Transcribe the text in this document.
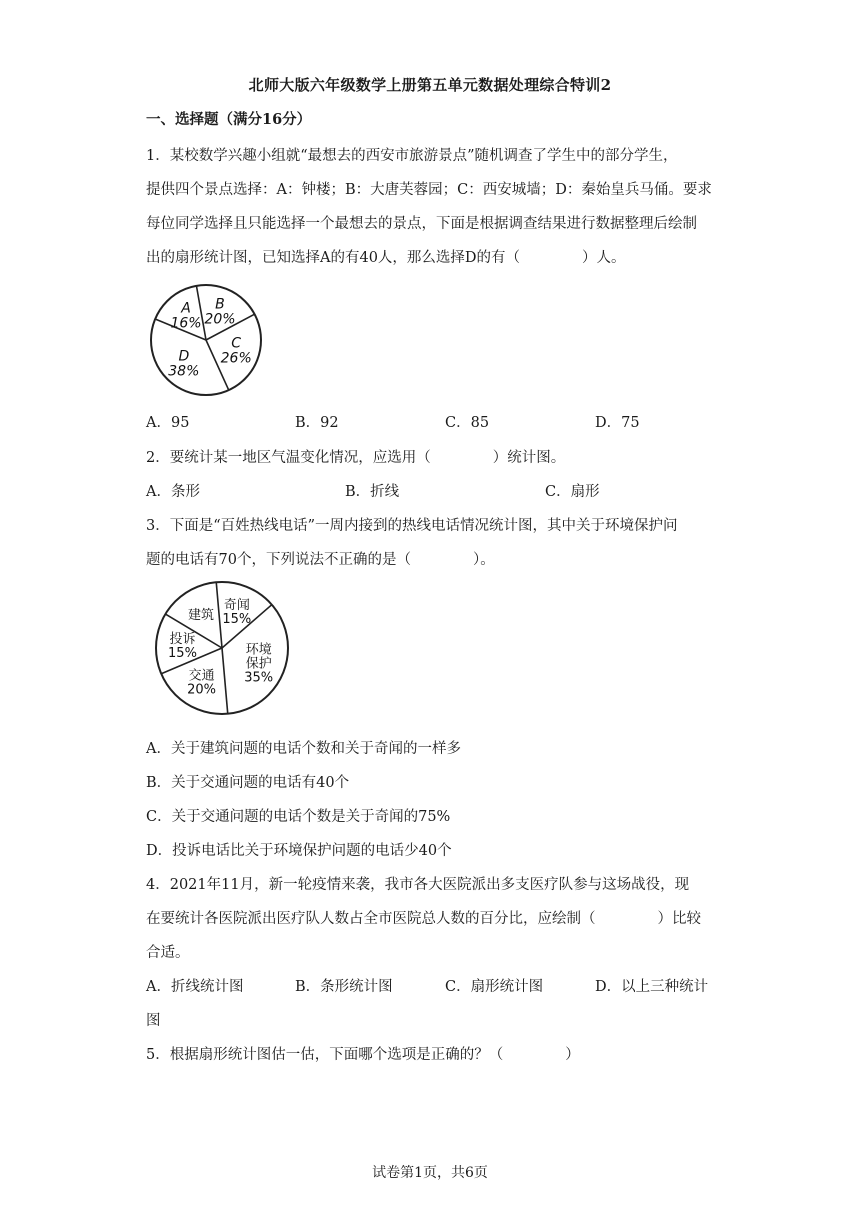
北师大版六年级数学上册第五单元数据处理综合特训2
一、选择题（满分16分）
1．某校数学兴趣小组就“最想去的西安市旅游景点”随机调查了学生中的部分学生，
提供四个景点选择：A：钟楼；B：大唐芙蓉园；C：西安城墙；D：秦始皇兵马俑。要求
每位同学选择且只能选择一个最想去的景点，下面是根据调查结果进行数据整理后绘制
出的扇形统计图，已知选择A的有40人，那么选择D的有（	）人。
B 20%
C 26%
D 38%
A 16%
A．95	B．92	C．85	D．75
2．要统计某一地区气温变化情况，应选用（	）统计图。
A．条形	B．折线	C．扇形
3．下面是“百姓热线电话”一周内接到的热线电话情况统计图，其中关于环境保护问
题的电话有70个，下列说法不正确的是（	）。
奇闻 15%
环境保护 35%
交通 20%
投诉 15%
建筑
A．关于建筑问题的电话个数和关于奇闻的一样多
B．关于交通问题的电话有40个
C．关于交通问题的电话个数是关于奇闻的75%
D．投诉电话比关于环境保护问题的电话少40个
4．2021年11月，新一轮疫情来袭，我市各大医院派出多支医疗队参与这场战役，现
在要统计各医院派出医疗队人数占全市医院总人数的百分比，应绘制（	）比较
合适。
A．折线统计图	B．条形统计图	C．扇形统计图	D．以上三种统计
图
5．根据扇形统计图估一估，下面哪个选项是正确的？（	）
试卷第1页，共6页
